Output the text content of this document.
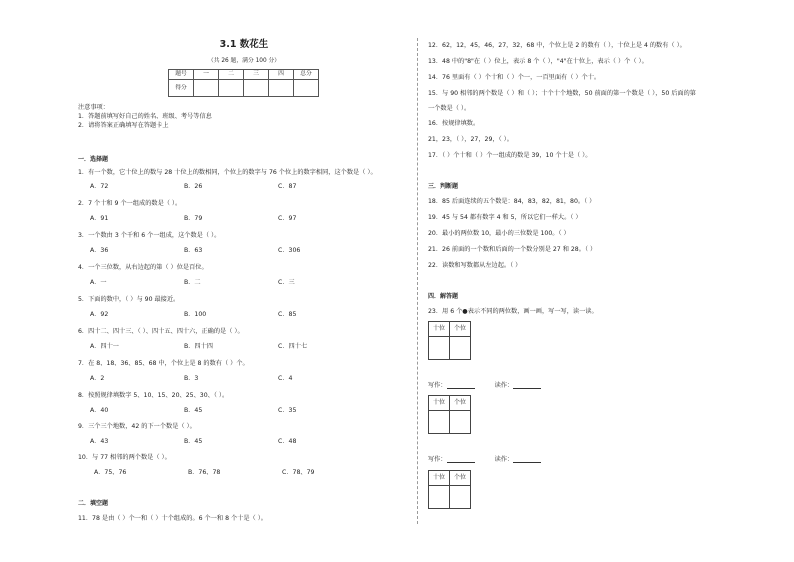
3.1 数花生
（共 26 题，满分 100 分）
题号	一	二	三	四	总分
得分					
注意事项：
1．答题前填写好自己的姓名、班级、考号等信息
2．请将答案正确填写在答题卡上
一．选择题
1．有一个数，它十位上的数与 28 十位上的数相同，个位上的数字与 76 个位上的数字相同，这个数是（ ）。
A．72	B．26	C．87
2．7 个十和 9 个一组成的数是（ ）。
A．91	B．79	C．97
3．一个数由 3 个千和 6 个一组成，这个数是（ ）。
A．36	B．63	C．306
4．一个三位数，从右边起的第（ ）位是百位。
A．一	B．二	C．三
5．下面的数中，（ ）与 90 最接近。
A．92	B．100	C．85
6．四十二、四十三、（ ）、四十五、四十六，正确的是（ ）。
A．四十一	B．四十四	C．四十七
7．在 8、18、36、85、68 中，个位上是 8 的数有（ ）个。
A．2	B．3	C．4
8．按照规律填数字 5、10、15、20、25、30、（ ）。
A．40	B．45	C．35
9．三个三个地数，42 的下一个数是（ ）。
A．43	B．45	C．48
10．与 77 相邻的两个数是（ ）。
A．75、76	B．76、78	C．78、79
二．填空题
11．78 是由（ ）个一和（ ）十个组成的。6 个一和 8 个十是（ ）。
12．62，12，45，46，27，32，68 中，个位上是 2 的数有（ ），十位上是 4 的数有（ ）。
13．48 中的"8"在（ ）位上，表示 8 个（ ），"4"在十位上，表示（ ）个（ ）。
14．76 里面有（ ）个十和（ ）个一，一百里面有（ ）个十。
15．与 90 相邻的两个数是（ ）和（ ）；十个十个地数，50 前面的第一个数是（ ），50 后面的第
一个数是（ ）。
16．按规律填数。
21，23，（ ），27，29，（ ）。
17．（ ）个十和（ ）个一组成的数是 39，10 个十是（ ）。
三．判断题
18．85 后面连续的五个数是：84，83，82，81，80。（ ）
19．45 与 54 都有数字 4 和 5，所以它们一样大。（ ）
20．最小的两位数 10，最小的三位数是 100。（ ）
21．26 前面的一个数和后面的一个数分别是 27 和 28。（ ）
22．读数和写数都从左边起。（ ）
四．解答题
23．用 6 个●表示不同的两位数，画一画，写一写，读一读。
十位	个位

写作：	读作：
十位	个位

写作：	读作：
十位	个位
